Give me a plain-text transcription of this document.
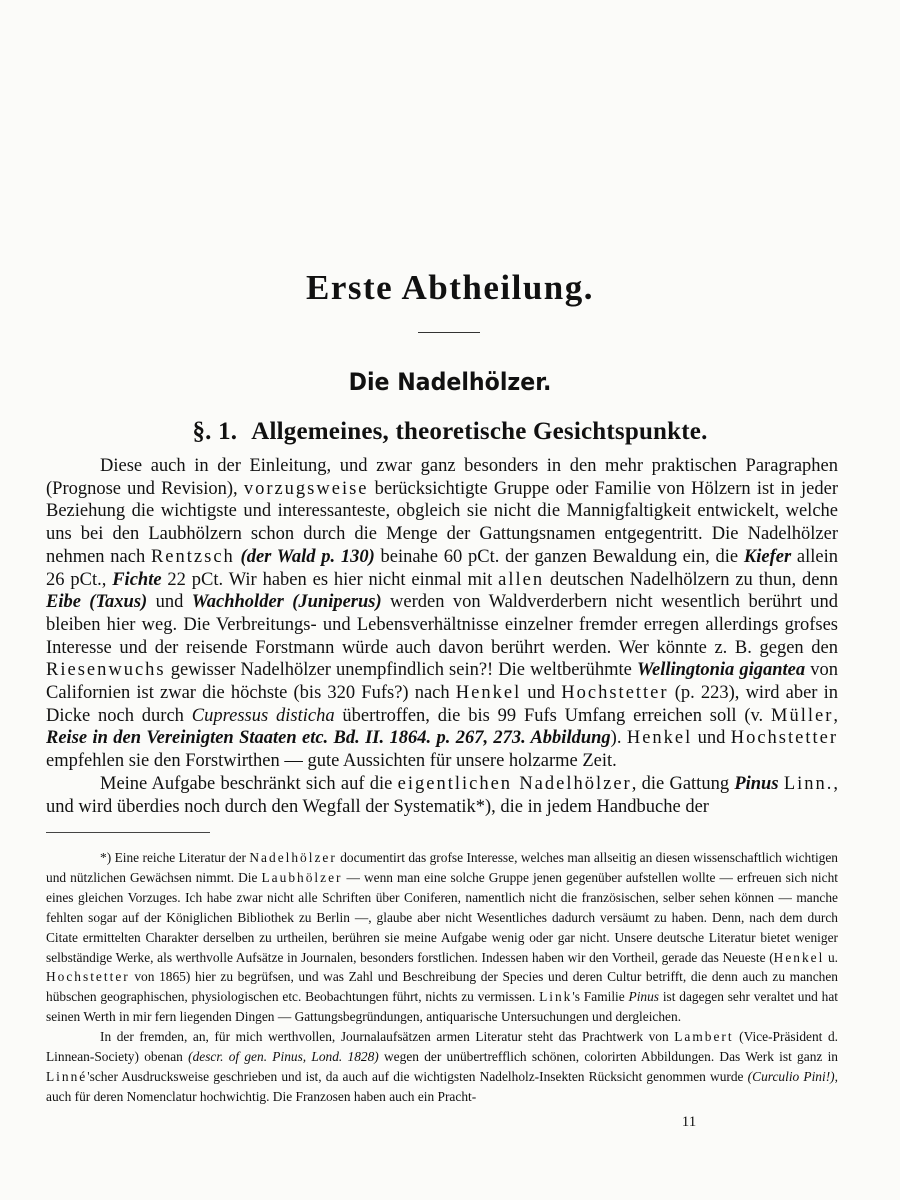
Erste Abtheilung.
Die Nadelhölzer.
§. 1. Allgemeines, theoretische Gesichtspunkte.

Diese auch in der Einleitung, und zwar ganz besonders in den mehr praktischen Paragraphen (Prognose und Revision), vorzugsweise berücksichtigte Gruppe oder Familie von Hölzern ist in jeder Beziehung die wichtigste und interessanteste, obgleich sie nicht die Mannigfaltigkeit entwickelt, welche uns bei den Laubhölzern schon durch die Menge der Gattungsnamen entgegentritt. Die Nadelhölzer nehmen nach Rentzsch (der Wald p. 130) beinahe 60 pCt. der ganzen Bewaldung ein, die Kiefer allein 26 pCt., Fichte 22 pCt. Wir haben es hier nicht einmal mit allen deutschen Nadelhölzern zu thun, denn Eibe (Taxus) und Wachholder (Juniperus) werden von Waldverderbern nicht wesentlich berührt und bleiben hier weg. Die Verbreitungs- und Lebensverhältnisse einzelner fremder erregen allerdings grofses Interesse und der reisende Forstmann würde auch davon berührt werden. Wer könnte z. B. gegen den Riesenwuchs gewisser Nadelhölzer unempfindlich sein?! Die weltberühmte Wellingtonia gigantea von Californien ist zwar die höchste (bis 320 Fufs?) nach Henkel und Hochstetter (p. 223), wird aber in Dicke noch durch Cupressus disticha übertroffen, die bis 99 Fufs Umfang erreichen soll (v. Müller, Reise in den Vereinigten Staaten etc. Bd. II. 1864. p. 267, 273. Abbildung). Henkel und Hochstetter empfehlen sie den Forstwirthen — gute Aussichten für unsere holzarme Zeit.

Meine Aufgabe beschränkt sich auf die eigentlichen Nadelhölzer, die Gattung Pinus Linn., und wird überdies noch durch den Wegfall der Systematik*), die in jedem Handbuche der

*) Eine reiche Literatur der Nadelhölzer documentirt das grofse Interesse, welches man allseitig an diesen wissenschaftlich wichtigen und nützlichen Gewächsen nimmt. Die Laubhölzer — wenn man eine solche Gruppe jenen gegenüber aufstellen wollte — erfreuen sich nicht eines gleichen Vorzuges. Ich habe zwar nicht alle Schriften über Coniferen, namentlich nicht die französischen, selber sehen können — manche fehlten sogar auf der Königlichen Bibliothek zu Berlin —, glaube aber nicht Wesentliches dadurch versäumt zu haben. Denn, nach dem durch Citate ermittelten Charakter derselben zu urtheilen, berühren sie meine Aufgabe wenig oder gar nicht. Unsere deutsche Literatur bietet weniger selbständige Werke, als werthvolle Aufsätze in Journalen, besonders forstlichen. Indessen haben wir den Vortheil, gerade das Neueste (Henkel u. Hochstetter von 1865) hier zu begrüfsen, und was Zahl und Beschreibung der Species und deren Cultur betrifft, die denn auch zu manchen hübschen geographischen, physiologischen etc. Beobachtungen führt, nichts zu vermissen. Link's Familie Pinus ist dagegen sehr veraltet und hat seinen Werth in mir fern liegenden Dingen — Gattungsbegründungen, antiquarische Untersuchungen und dergleichen.

In der fremden, an, für mich werthvollen, Journalaufsätzen armen Literatur steht das Prachtwerk von Lambert (Vice-Präsident d. Linnean-Society) obenan (descr. of gen. Pinus, Lond. 1828) wegen der unübertrefflich schönen, colorirten Abbildungen. Das Werk ist ganz in Linné'scher Ausdrucksweise geschrieben und ist, da auch auf die wichtigsten Nadelholz-Insekten Rücksicht genommen wurde (Curculio Pini!), auch für deren Nomenclatur hochwichtig. Die Franzosen haben auch ein Pracht-

11
